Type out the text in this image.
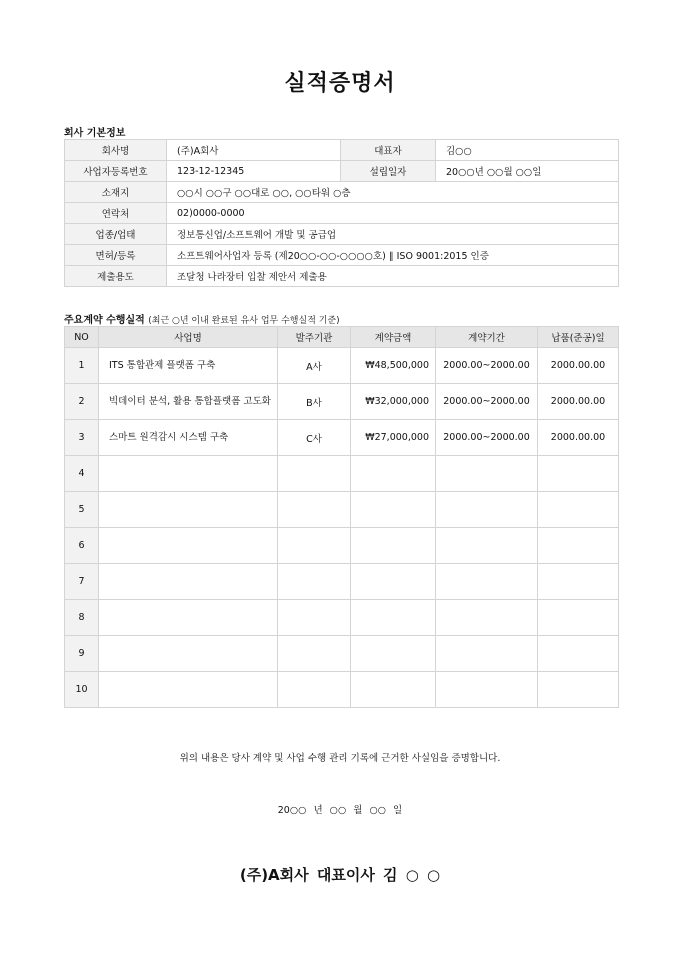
실적증명서
회사 기본정보
회사명	(주)A회사	대표자	김○○
사업자등록번호	123-12-12345	설립일자	20○○년 ○○월 ○○일
소재지	○○시 ○○구 ○○대로 ○○, ○○타워 ○층		
연락처	02)0000-0000		
업종/업태	정보통신업/소프트웨어 개발 및 공급업		
면허/등록	소프트웨어사업자 등록 (제20○○-○○-○○○○호) ∥ ISO 9001:2015 인증		
제출용도	조달청 나라장터 입찰 제안서 제출용		
주요계약 수행실적 (최근 ○년 이내 완료된 유사 업무 수행실적 기준)
NO	사업명	발주기관	계약금액	계약기간	납품(준공)일
1	ITS 통합관제 플랫폼 구축	A사	₩48,500,000	2000.00~2000.00	2000.00.00
2	빅데이터 분석, 활용 통합플랫폼 고도화	B사	₩32,000,000	2000.00~2000.00	2000.00.00
3	스마트 원격감시 시스템 구축	C사	₩27,000,000	2000.00~2000.00	2000.00.00
4					
5					
6					
7					
8					
9					
10					
위의 내용은 당사 계약 및 사업 수행 관리 기록에 근거한 사실임을 증명합니다.
20○○ 년 ○○ 월 ○○ 일
(주)A회사 대표이사 김 ○ ○
